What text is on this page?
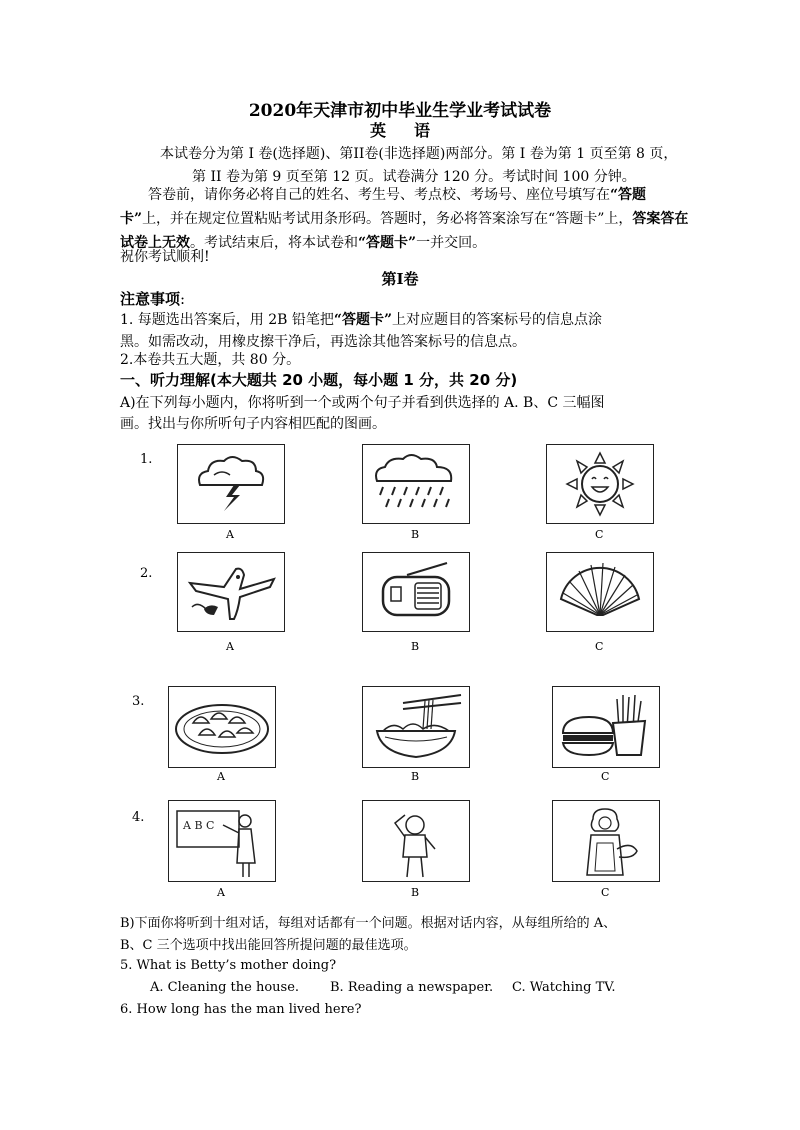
2020年天津市初中毕业生学业考试试卷
英语
本试卷分为第 I 卷(选择题)、第II卷(非选择题)两部分。第 I 卷为第 1 页至第 8 页，
第 II 卷为第 9 页至第 12 页。试卷满分 120 分。考试时间 100 分钟。
答卷前，请你务必将自己的姓名、考生号、考点校、考场号、座位号填写在“答题卡”上，并在规定位置粘贴考试用条形码。答题时，务必将答案涂写在“答题卡”上，答案答在试卷上无效。考试结束后，将本试卷和“答题卡”一并交回。
祝你考试顺利!
第Ⅰ卷
注意事项:
1. 每题选出答案后，用 2B 铅笔把“答题卡”上对应题目的答案标号的信息点涂
黑。如需改动，用橡皮擦干净后，再选涂其他答案标号的信息点。
2.本卷共五大题，共 80 分。
一、听力理解(本大题共 20 小题，每小题 1 分，共 20 分)
A)在下列每小题内，你将听到一个或两个句子并看到供选择的 A. B、C 三幅图
画。找出与你所听句子内容相匹配的图画。
1.
A	B	C
2.
A	B	C
3.
A	B	C
4.
A B C
A	B	C
B)下面你将听到十组对话，每组对话都有一个问题。根据对话内容，从每组所给的 A、
B、C 三个选项中找出能回答所提问题的最佳选项。
5. What is Betty’s mother doing?
A. Cleaning the house. B. Reading a newspaper. C. Watching TV.
6. How long has the man lived here?
